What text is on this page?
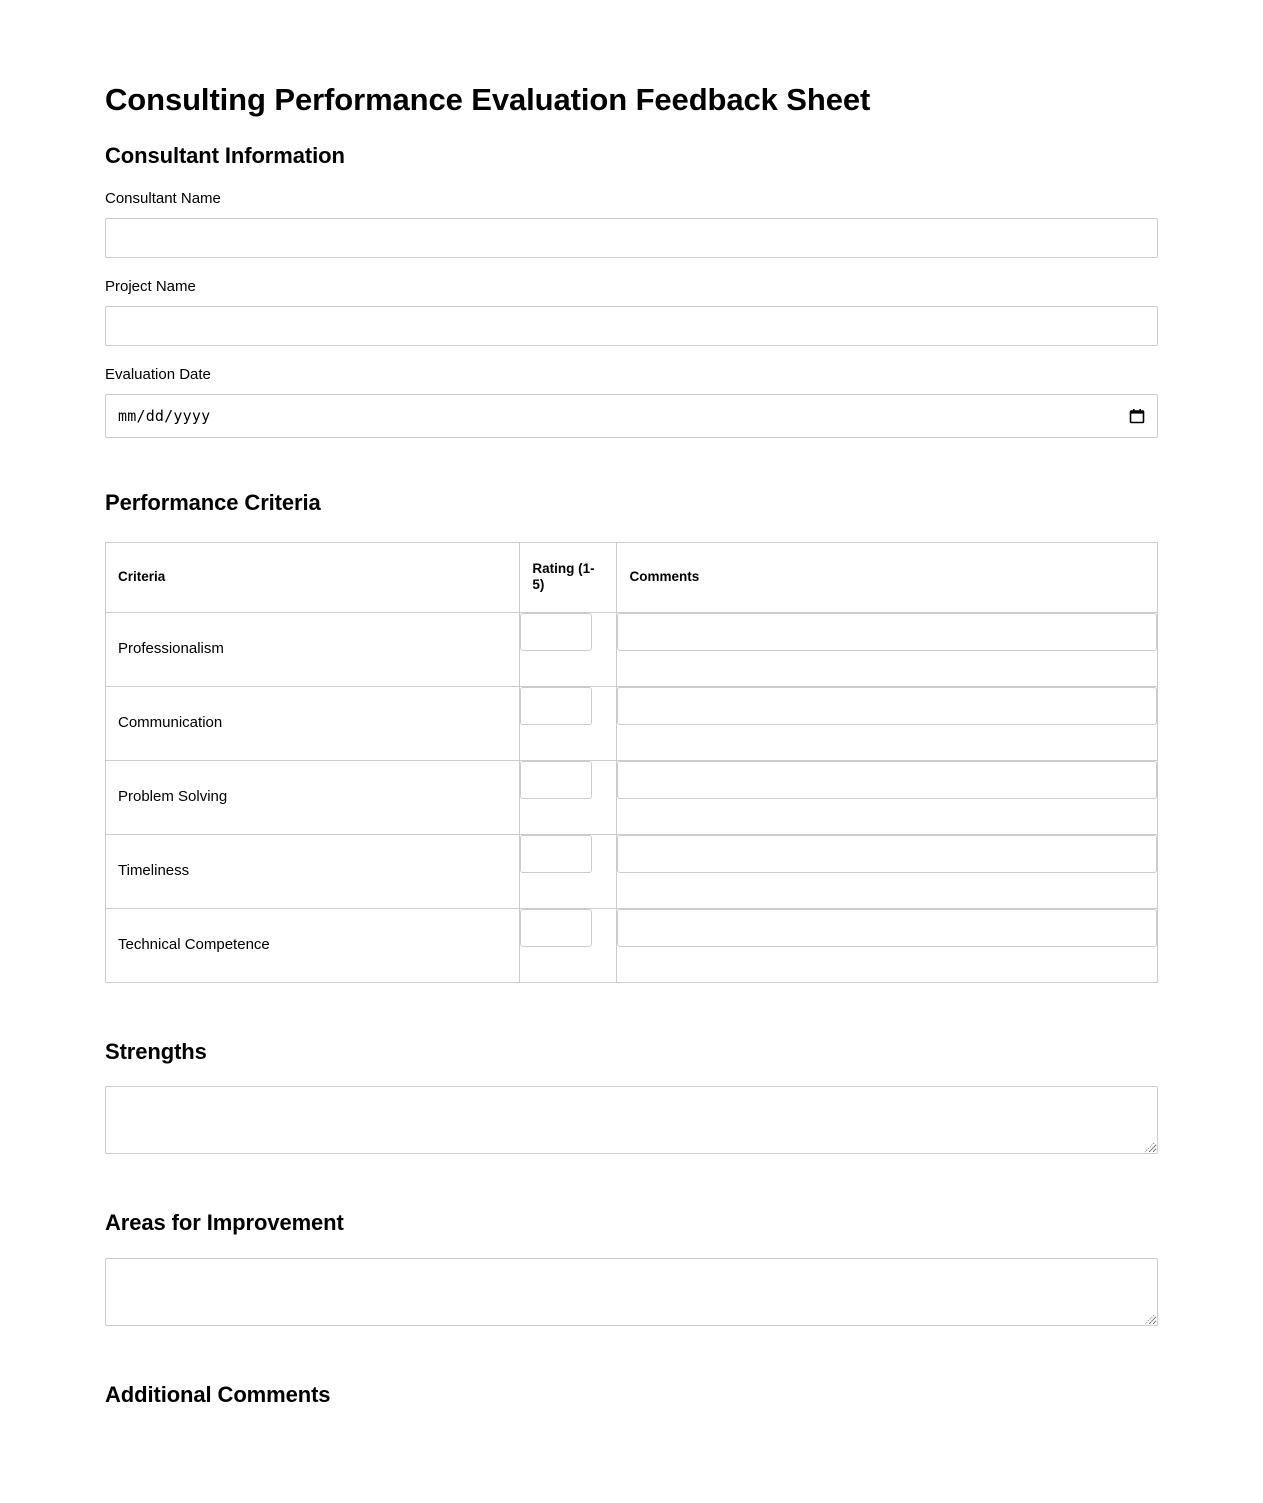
Consulting Performance Evaluation Feedback Sheet
Consultant Information
Consultant Name
Project Name
Evaluation Date
mm/dd/yyyy
Performance Criteria
Criteria	Rating (1-5)	Comments

Professionalism

Communication

Problem Solving

Timeliness

Technical Competence

Strengths
Areas for Improvement
Additional Comments
